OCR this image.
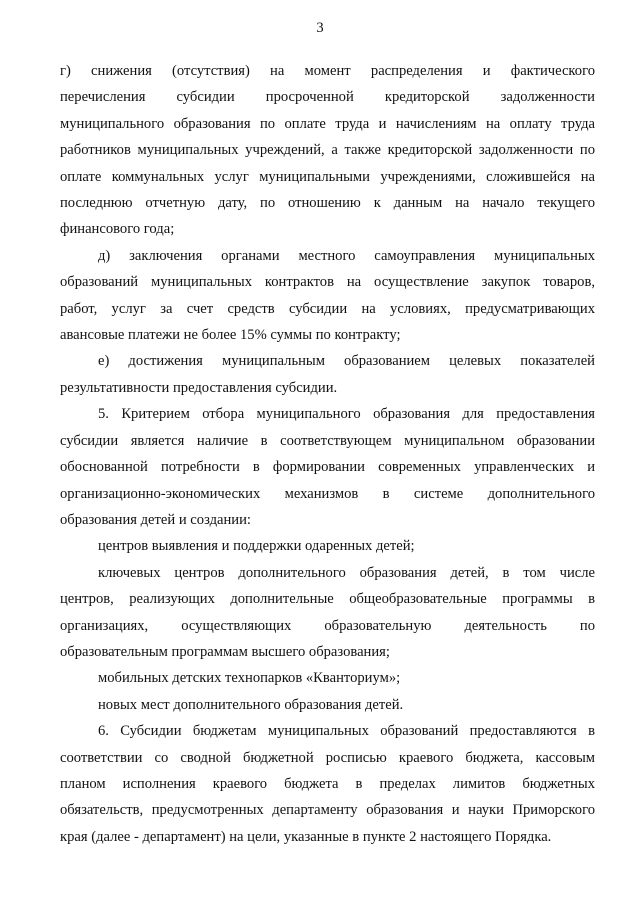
3

г) снижения (отсутствия) на момент распределения и фактического

перечисления субсидии просроченной кредиторской задолженности
муниципального образования по оплате труда и начислениям на оплату труда
работников муниципальных учреждений, а также кредиторской задолженности по
оплате коммунальных услуг муниципальными учреждениями, сложившейся на
последнюю отчетную дату, по отношению к данным на начало текущего
финансового года;

д) заключения органами местного самоуправления муниципальных
образований муниципальных контрактов на осуществление закупок товаров,
работ, услуг за счет средств субсидии на условиях, предусматривающих
авансовые платежи не более 15% суммы по контракту;

е) достижения муниципальным образованием целевых показателей
результативности предоставления субсидии.

5. Критерием отбора муниципального образования для предоставления
субсидии является наличие в соответствующем муниципальном образовании
обоснованной потребности в формировании современных управленческих и
организационно-экономических механизмов в системе дополнительного
образования детей и создании:

центров выявления и поддержки одаренных детей;

ключевых центров дополнительного образования детей, в том числе
центров, реализующих дополнительные общеобразовательные программы в
организациях, осуществляющих образовательную деятельность по
образовательным программам высшего образования;

мобильных детских технопарков «Кванториум»;

новых мест дополнительного образования детей.

6. Субсидии бюджетам муниципальных образований предоставляются в
соответствии со сводной бюджетной росписью краевого бюджета, кассовым
планом исполнения краевого бюджета в пределах лимитов бюджетных
обязательств, предусмотренных департаменту образования и науки Приморского
края (далее - департамент) на цели, указанные в пункте 2 настоящего Порядка.
